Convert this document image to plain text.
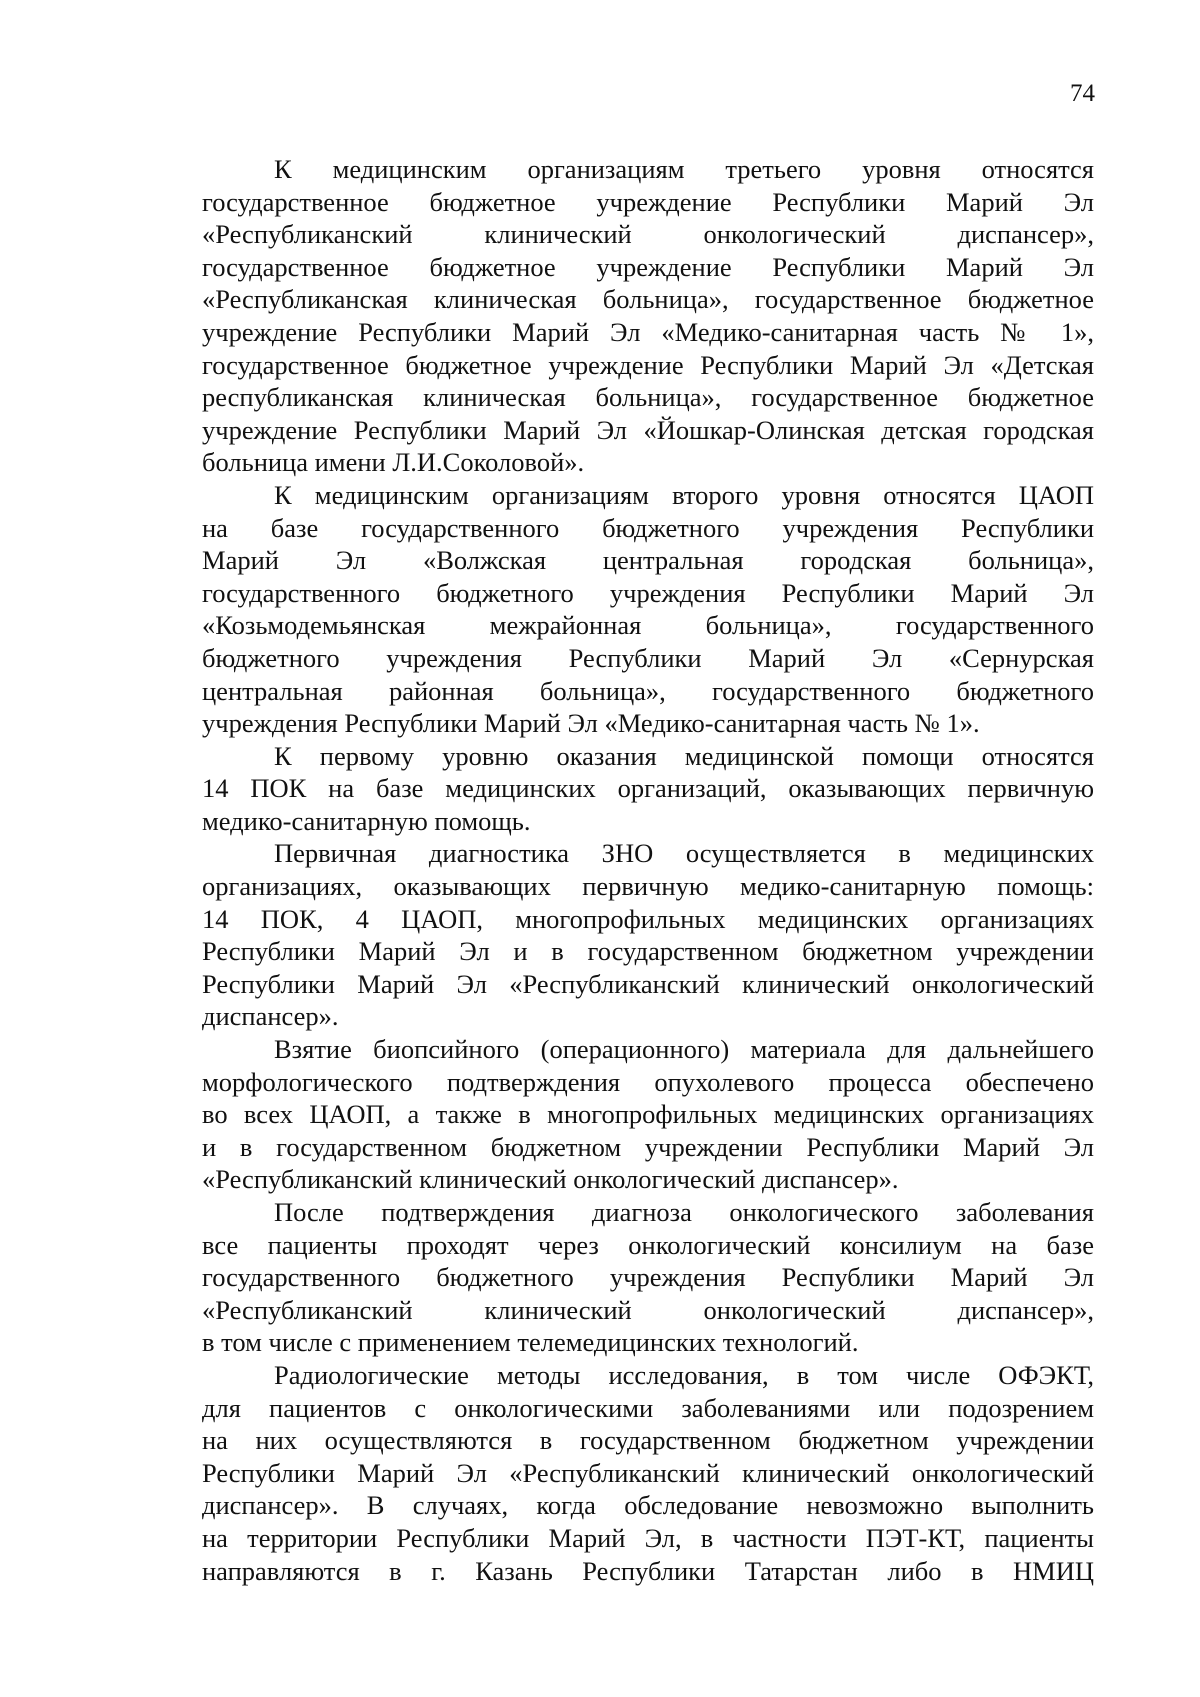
74
К медицинским организациям третьего уровня относятся
государственное бюджетное учреждение Республики Марий Эл
«Республиканский клинический онкологический диспансер»,
государственное бюджетное учреждение Республики Марий Эл
«Республиканская клиническая больница», государственное бюджетное
учреждение Республики Марий Эл «Медико-санитарная часть № 1»,
государственное бюджетное учреждение Республики Марий Эл «Детская
республиканская клиническая больница», государственное бюджетное
учреждение Республики Марий Эл «Йошкар-Олинская детская городская
больница имени Л.И.Соколовой».
К медицинским организациям второго уровня относятся ЦАОП
на базе государственного бюджетного учреждения Республики
Марий Эл «Волжская центральная городская больница»,
государственного бюджетного учреждения Республики Марий Эл
«Козьмодемьянская межрайонная больница», государственного
бюджетного учреждения Республики Марий Эл «Сернурская
центральная районная больница», государственного бюджетного
учреждения Республики Марий Эл «Медико-санитарная часть № 1».
К первому уровню оказания медицинской помощи относятся
14 ПОК на базе медицинских организаций, оказывающих первичную
медико-санитарную помощь.
Первичная диагностика ЗНО осуществляется в медицинских
организациях, оказывающих первичную медико-санитарную помощь:
14 ПОК, 4 ЦАОП, многопрофильных медицинских организациях
Республики Марий Эл и в государственном бюджетном учреждении
Республики Марий Эл «Республиканский клинический онкологический
диспансер».
Взятие биопсийного (операционного) материала для дальнейшего
морфологического подтверждения опухолевого процесса обеспечено
во всех ЦАОП, а также в многопрофильных медицинских организациях
и в государственном бюджетном учреждении Республики Марий Эл
«Республиканский клинический онкологический диспансер».
После подтверждения диагноза онкологического заболевания
все пациенты проходят через онкологический консилиум на базе
государственного бюджетного учреждения Республики Марий Эл
«Республиканский клинический онкологический диспансер»,
в том числе с применением телемедицинских технологий.
Радиологические методы исследования, в том числе ОФЭКТ,
для пациентов с онкологическими заболеваниями или подозрением
на них осуществляются в государственном бюджетном учреждении
Республики Марий Эл «Республиканский клинический онкологический
диспансер». В случаях, когда обследование невозможно выполнить
на территории Республики Марий Эл, в частности ПЭТ-КТ, пациенты
направляются в г. Казань Республики Татарстан либо в НМИЦ
